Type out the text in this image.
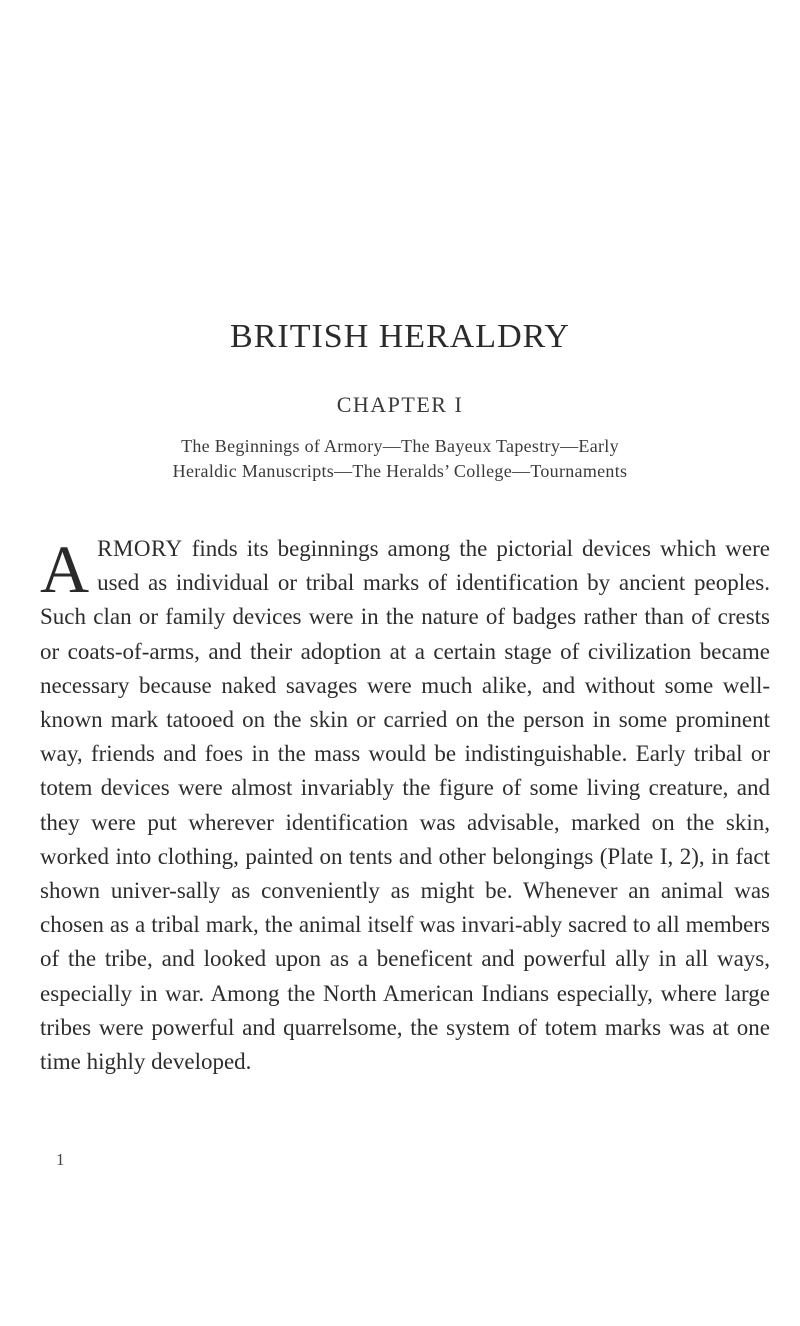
BRITISH HERALDRY
CHAPTER I

The Beginnings of Armory—The Bayeux Tapestry—Early
Heraldic Manuscripts—The Heralds’ College—Tournaments

ARMORY finds its beginnings among the pictorial devices which were used as individual or tribal marks of identification by ancient peoples. Such clan or family devices were in the nature of badges rather than of crests or coats-of-arms, and their adoption at a certain stage of civilization became necessary because naked savages were much alike, and without some well-known mark tatooed on the skin or carried on the person in some prominent way, friends and foes in the mass would be indistinguishable. Early tribal or totem devices were almost invariably the figure of some living creature, and they were put wherever identification was advisable, marked on the skin, worked into clothing, painted on tents and other belongings (Plate I, 2), in fact shown univer-sally as conveniently as might be. Whenever an animal was chosen as a tribal mark, the animal itself was invari-ably sacred to all members of the tribe, and looked upon as a beneficent and powerful ally in all ways, especially in war. Among the North American Indians especially, where large tribes were powerful and quarrelsome, the system of totem marks was at one time highly developed.

1
